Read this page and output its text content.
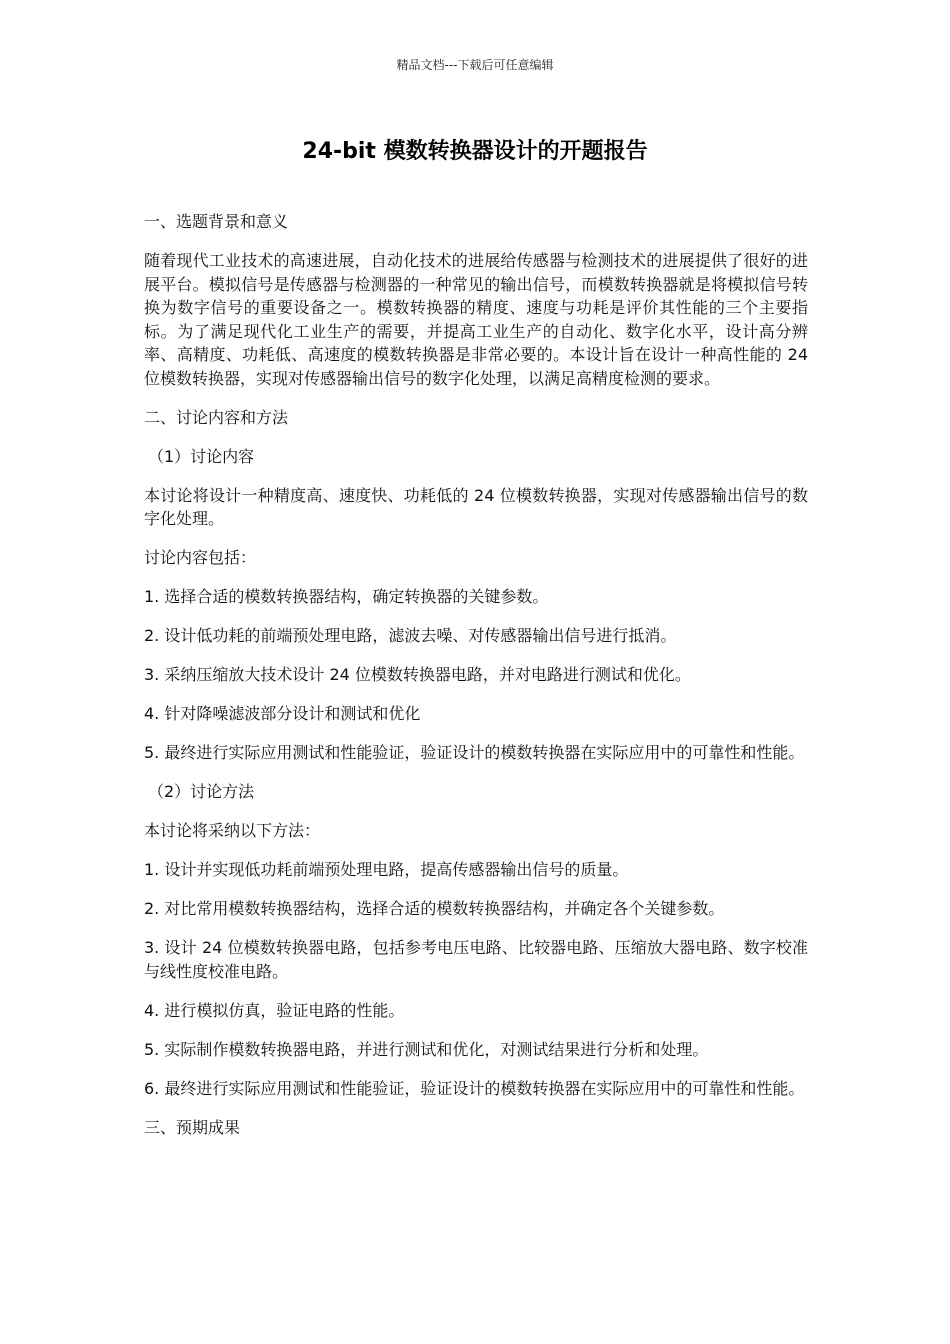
精品文档---下载后可任意编辑
24-bit 模数转换器设计的开题报告

一、选题背景和意义

随着现代工业技术的高速进展，自动化技术的进展给传感器与检测技术的进展提供了很好的进展平台。模拟信号是传感器与检测器的一种常见的输出信号，而模数转换器就是将模拟信号转换为数字信号的重要设备之一。模数转换器的精度、速度与功耗是评价其性能的三个主要指标。为了满足现代化工业生产的需要，并提高工业生产的自动化、数字化水平，设计高分辨率、高精度、功耗低、高速度的模数转换器是非常必要的。本设计旨在设计一种高性能的 24 位模数转换器，实现对传感器输出信号的数字化处理，以满足高精度检测的要求。

二、讨论内容和方法

（1）讨论内容

本讨论将设计一种精度高、速度快、功耗低的 24 位模数转换器，实现对传感器输出信号的数字化处理。

讨论内容包括：

1. 选择合适的模数转换器结构，确定转换器的关键参数。

2. 设计低功耗的前端预处理电路，滤波去噪、对传感器输出信号进行抵消。

3. 采纳压缩放大技术设计 24 位模数转换器电路，并对电路进行测试和优化。

4. 针对降噪滤波部分设计和测试和优化

5. 最终进行实际应用测试和性能验证，验证设计的模数转换器在实际应用中的可靠性和性能。

（2）讨论方法

本讨论将采纳以下方法：

1. 设计并实现低功耗前端预处理电路，提高传感器输出信号的质量。

2. 对比常用模数转换器结构，选择合适的模数转换器结构，并确定各个关键参数。

3. 设计 24 位模数转换器电路，包括参考电压电路、比较器电路、压缩放大器电路、数字校准与线性度校准电路。

4. 进行模拟仿真，验证电路的性能。

5. 实际制作模数转换器电路，并进行测试和优化，对测试结果进行分析和处理。

6. 最终进行实际应用测试和性能验证，验证设计的模数转换器在实际应用中的可靠性和性能。

三、预期成果
